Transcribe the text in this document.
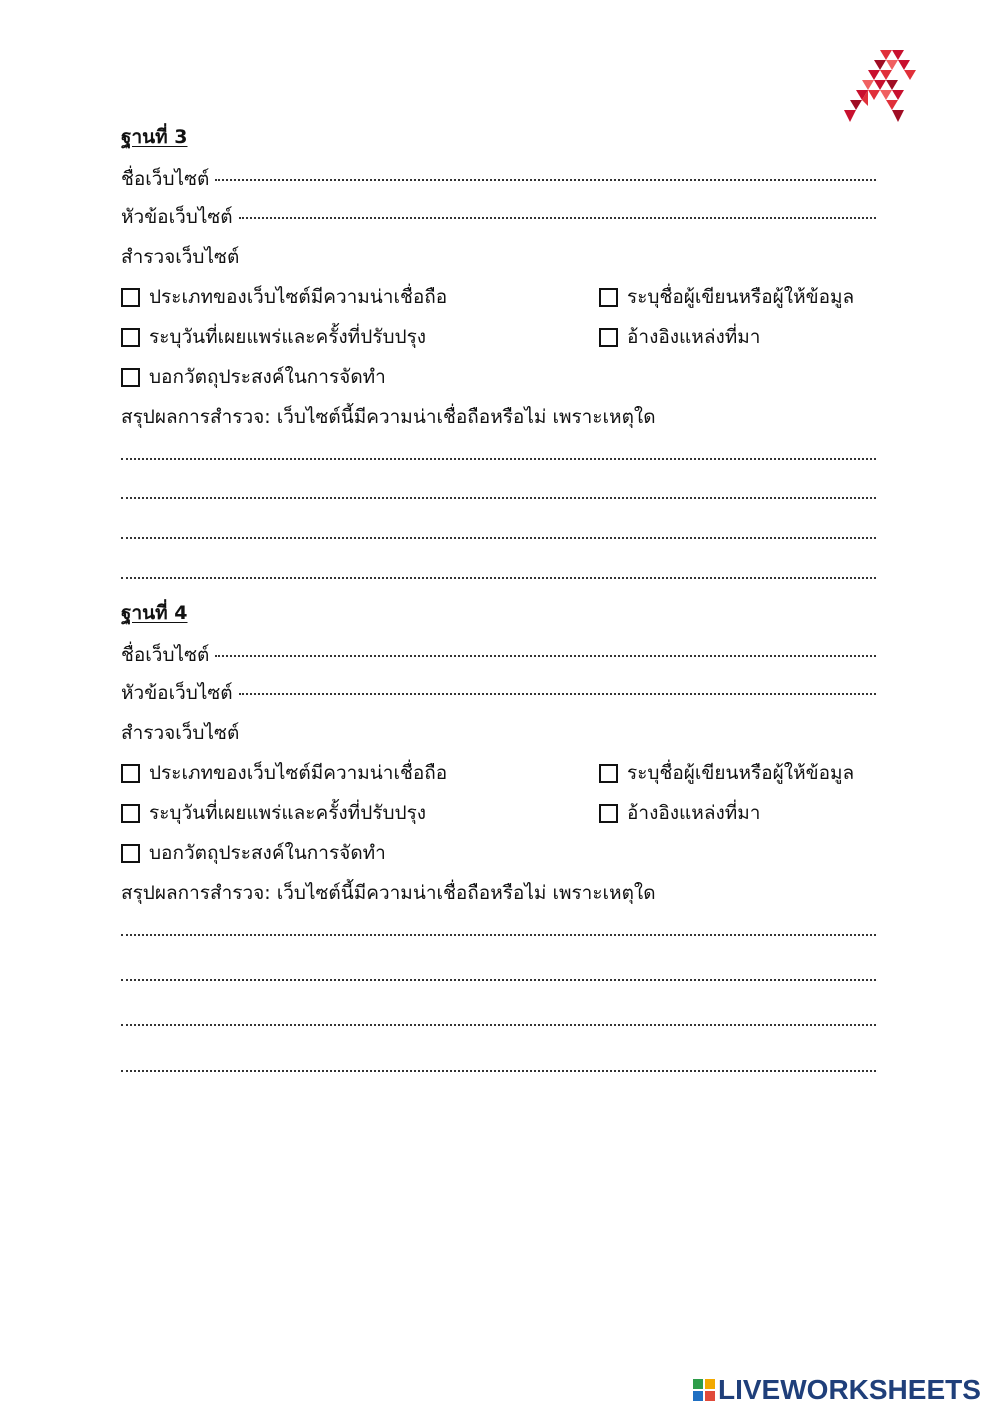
ฐานที่ 3
ชื่อเว็บไซต์
หัวข้อเว็บไซต์
สำรวจเว็บไซต์
ประเภทของเว็บไซต์มีความน่าเชื่อถือ	ระบุชื่อผู้เขียนหรือผู้ให้ข้อมูล
ระบุวันที่เผยแพร่และครั้งที่ปรับปรุง	อ้างอิงแหล่งที่มา
บอกวัตถุประสงค์ในการจัดทำ
สรุปผลการสำรวจ: เว็บไซต์นี้มีความน่าเชื่อถือหรือไม่ เพราะเหตุใด
ฐานที่ 4
ชื่อเว็บไซต์
หัวข้อเว็บไซต์
สำรวจเว็บไซต์
ประเภทของเว็บไซต์มีความน่าเชื่อถือ	ระบุชื่อผู้เขียนหรือผู้ให้ข้อมูล
ระบุวันที่เผยแพร่และครั้งที่ปรับปรุง	อ้างอิงแหล่งที่มา
บอกวัตถุประสงค์ในการจัดทำ
สรุปผลการสำรวจ: เว็บไซต์นี้มีความน่าเชื่อถือหรือไม่ เพราะเหตุใด
LIVEWORKSHEETS
